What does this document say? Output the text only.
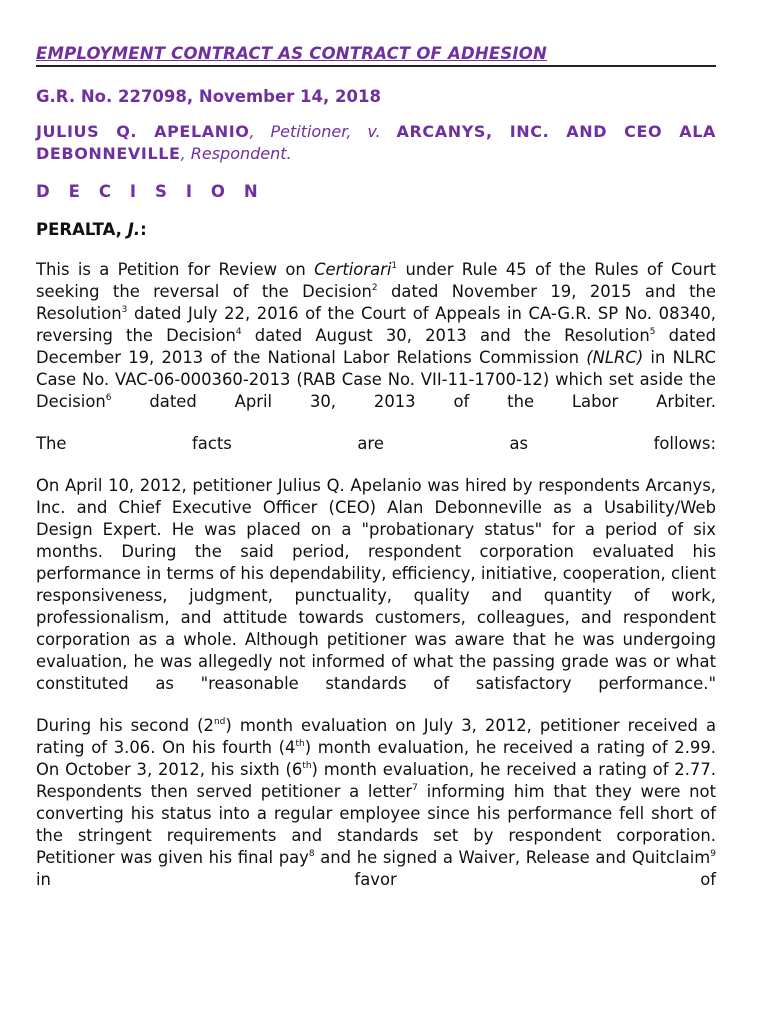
EMPLOYMENT CONTRACT AS CONTRACT OF ADHESION
G.R. No. 227098, November 14, 2018
JULIUS Q. APELANIO, Petitioner, v. ARCANYS, INC. AND CEO ALA DEBONNEVILLE, Respondent.
D E C I S I O N
PERALTA, J.:

This is a Petition for Review on Certiorari$^1$ under Rule 45 of the Rules of Court seeking the reversal of the Decision$^2$ dated November 19, 2015 and the Resolution$^3$ dated July 22, 2016 of the Court of Appeals in CA-G.R. SP No. 08340, reversing the Decision$^4$ dated August 30, 2013 and the Resolution$^5$ dated December 19, 2013 of the National Labor Relations Commission (NLRC) in NLRC Case No. VAC-06-000360-2013 (RAB Case No. VII-11-1700-12) which set aside the Decision$^6$ dated April 30, 2013 of the Labor Arbiter.

The facts are as follows:

On April 10, 2012, petitioner Julius Q. Apelanio was hired by respondents Arcanys, Inc. and Chief Executive Officer (CEO) Alan Debonneville as a Usability/Web Design Expert. He was placed on a "probationary status" for a period of six months. During the said period, respondent corporation evaluated his performance in terms of his dependability, efficiency, initiative, cooperation, client responsiveness, judgment, punctuality, quality and quantity of work, professionalism, and attitude towards customers, colleagues, and respondent corporation as a whole. Although petitioner was aware that he was undergoing evaluation, he was allegedly not informed of what the passing grade was or what constituted as "reasonable standards of satisfactory performance."

During his second (2nd) month evaluation on July 3, 2012, petitioner received a rating of 3.06. On his fourth (4th) month evaluation, he received a rating of 2.99. On October 3, 2012, his sixth (6th) month evaluation, he received a rating of 2.77. Respondents then served petitioner a letter$^7$ informing him that they were not converting his status into a regular employee since his performance fell short of the stringent requirements and standards set by respondent corporation. Petitioner was given his final pay$^8$ and he signed a Waiver, Release and Quitclaim$^9$ in favor of
